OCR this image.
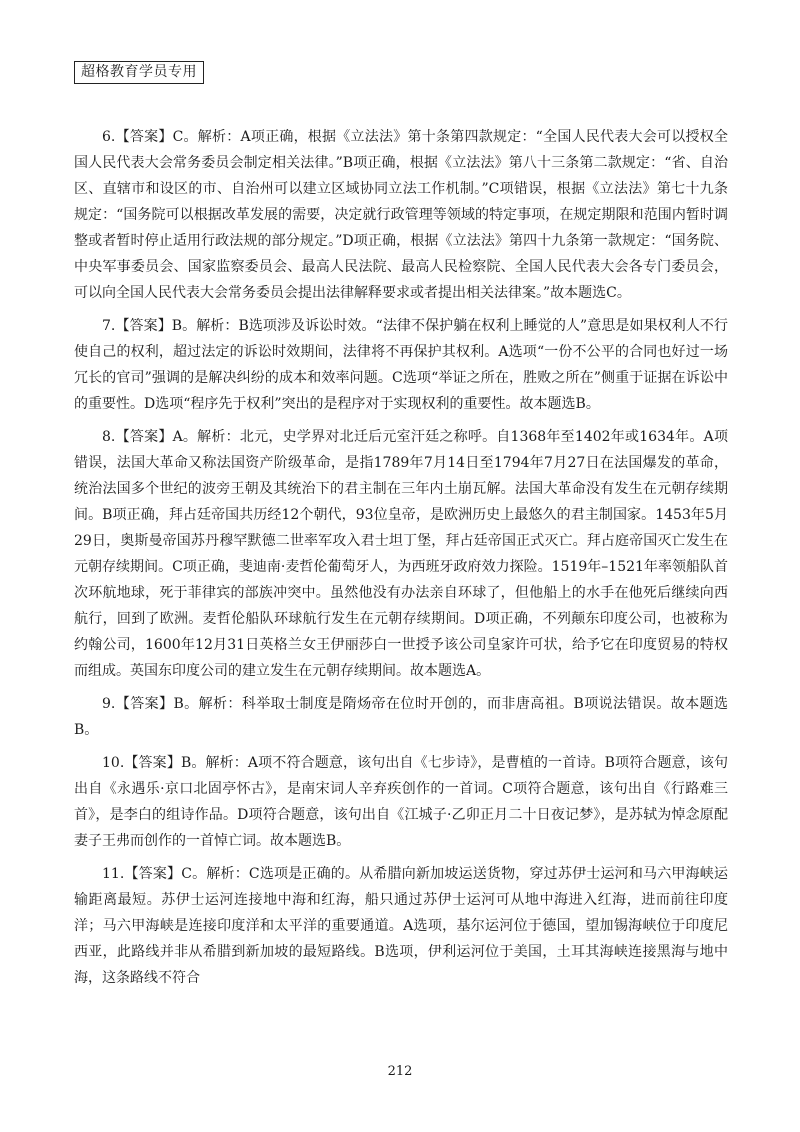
超格教育学员专用

6.【答案】C。解析：A项正确，根据《立法法》第十条第四款规定：“全国人民代表大会可以授权全国人民代表大会常务委员会制定相关法律。”B项正确，根据《立法法》第八十三条第二款规定：“省、自治区、直辖市和设区的市、自治州可以建立区域协同立法工作机制。”C项错误，根据《立法法》第七十九条规定：“国务院可以根据改革发展的需要，决定就行政管理等领域的特定事项，在规定期限和范围内暂时调整或者暂时停止适用行政法规的部分规定。”D项正确，根据《立法法》第四十九条第一款规定：“国务院、中央军事委员会、国家监察委员会、最高人民法院、最高人民检察院、全国人民代表大会各专门委员会，可以向全国人民代表大会常务委员会提出法律解释要求或者提出相关法律案。”故本题选C。

7.【答案】B。解析：B选项涉及诉讼时效。“法律不保护躺在权利上睡觉的人”意思是如果权利人不行使自己的权利，超过法定的诉讼时效期间，法律将不再保护其权利。A选项“一份不公平的合同也好过一场冗长的官司”强调的是解决纠纷的成本和效率问题。C选项“举证之所在，胜败之所在”侧重于证据在诉讼中的重要性。D选项“程序先于权利”突出的是程序对于实现权利的重要性。故本题选B。

8.【答案】A。解析：北元，史学界对北迁后元室汗廷之称呼。自1368年至1402年或1634年。A项错误，法国大革命又称法国资产阶级革命，是指1789年7月14日至1794年7月27日在法国爆发的革命，统治法国多个世纪的波旁王朝及其统治下的君主制在三年内土崩瓦解。法国大革命没有发生在元朝存续期间。B项正确，拜占廷帝国共历经12个朝代，93位皇帝，是欧洲历史上最悠久的君主制国家。1453年5月29日，奥斯曼帝国苏丹穆罕默德二世率军攻入君士坦丁堡，拜占廷帝国正式灭亡。拜占庭帝国灭亡发生在元朝存续期间。C项正确，斐迪南·麦哲伦葡萄牙人，为西班牙政府效力探险。1519年–1521年率领船队首次环航地球，死于菲律宾的部族冲突中。虽然他没有办法亲自环球了，但他船上的水手在他死后继续向西航行，回到了欧洲。麦哲伦船队环球航行发生在元朝存续期间。D项正确，不列颠东印度公司，也被称为约翰公司，1600年12月31日英格兰女王伊丽莎白一世授予该公司皇家许可状，给予它在印度贸易的特权而组成。英国东印度公司的建立发生在元朝存续期间。故本题选A。

9.【答案】B。解析：科举取士制度是隋炀帝在位时开创的，而非唐高祖。B项说法错误。故本题选B。

10.【答案】B。解析：A项不符合题意，该句出自《七步诗》，是曹植的一首诗。B项符合题意，该句出自《永遇乐·京口北固亭怀古》，是南宋词人辛弃疾创作的一首词。C项符合题意，该句出自《行路难三首》，是李白的组诗作品。D项符合题意，该句出自《江城子·乙卯正月二十日夜记梦》，是苏轼为悼念原配妻子王弗而创作的一首悼亡词。故本题选B。

11.【答案】C。解析：C选项是正确的。从希腊向新加坡运送货物，穿过苏伊士运河和马六甲海峡运输距离最短。苏伊士运河连接地中海和红海，船只通过苏伊士运河可从地中海进入红海，进而前往印度洋；马六甲海峡是连接印度洋和太平洋的重要通道。A选项，基尔运河位于德国，望加锡海峡位于印度尼西亚，此路线并非从希腊到新加坡的最短路线。B选项，伊利运河位于美国，土耳其海峡连接黑海与地中海，这条路线不符合

212
